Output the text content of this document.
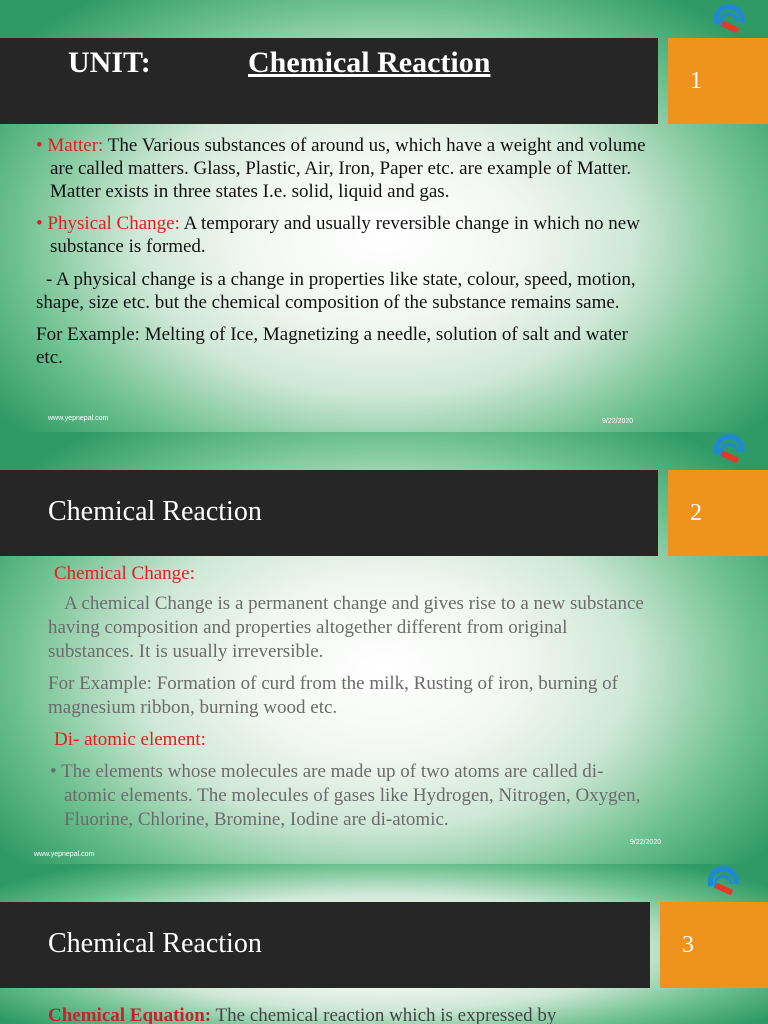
1
UNIT:	Chemical Reaction

• Matter: The Various substances of around us, which have a weight and volume are called matters. Glass, Plastic, Air, Iron, Paper etc. are example of Matter. Matter exists in three states I.e. solid, liquid and gas.

• Physical Change: A temporary and usually reversible change in which no new substance is formed.

- A physical change is a change in properties like state, colour, speed, motion, shape, size etc. but the chemical composition of the substance remains same.

For Example: Melting of Ice, Magnetizing a needle, solution of salt and water etc.

www.yepnepal.com	9/22/2020
2
Chemical Reaction

Chemical Change:

A chemical Change is a permanent change and gives rise to a new substance having composition and properties altogether different from original substances. It is usually irreversible.

For Example: Formation of curd from the milk, Rusting of iron, burning of magnesium ribbon, burning wood etc.

Di- atomic element:

• The elements whose molecules are made up of two atoms are called di- atomic elements. The molecules of gases like Hydrogen, Nitrogen, Oxygen, Fluorine, Chlorine, Bromine, Iodine are di-atomic.

www.yepnepal.com
9/22/2020
3
Chemical Reaction
Chemical Equation: The chemical reaction which is expressed by
